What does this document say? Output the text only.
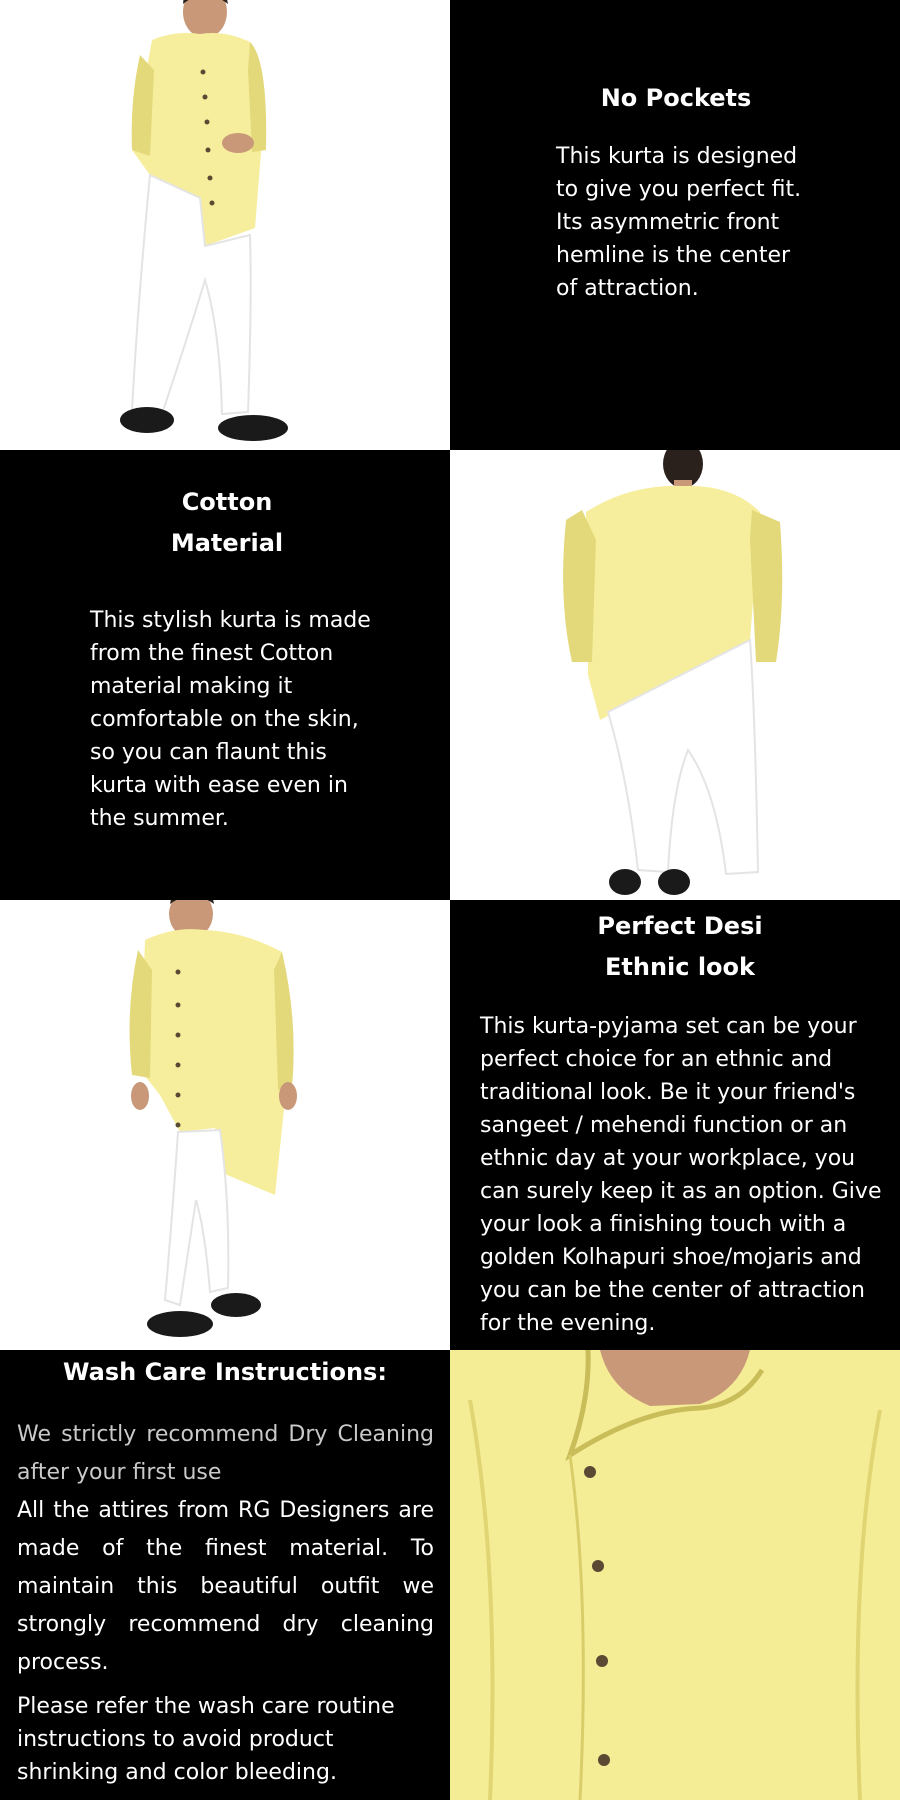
No Pockets

This kurta is designed to give you perfect fit. Its asymmetric front hemline is the center of attraction.

Cotton

Material

This stylish kurta is made from the finest Cotton material making it comfortable on the skin, so you can flaunt this kurta with ease even in the summer.

Perfect Desi

Ethnic look

This kurta-pyjama set can be your perfect choice for an ethnic and traditional look. Be it your friend's sangeet / mehendi function or an ethnic day at your workplace, you can surely keep it as an option. Give your look a finishing touch with a golden Kolhapuri shoe/mojaris and you can be the center of attraction for the evening.

Wash Care Instructions:

We strictly recommend Dry Cleaning after your first use

All the attires from RG Designers are made of the finest material. To maintain this beautiful outfit we strongly recommend dry cleaning process.

Please refer the wash care routine instructions to avoid product shrinking and color bleeding.
